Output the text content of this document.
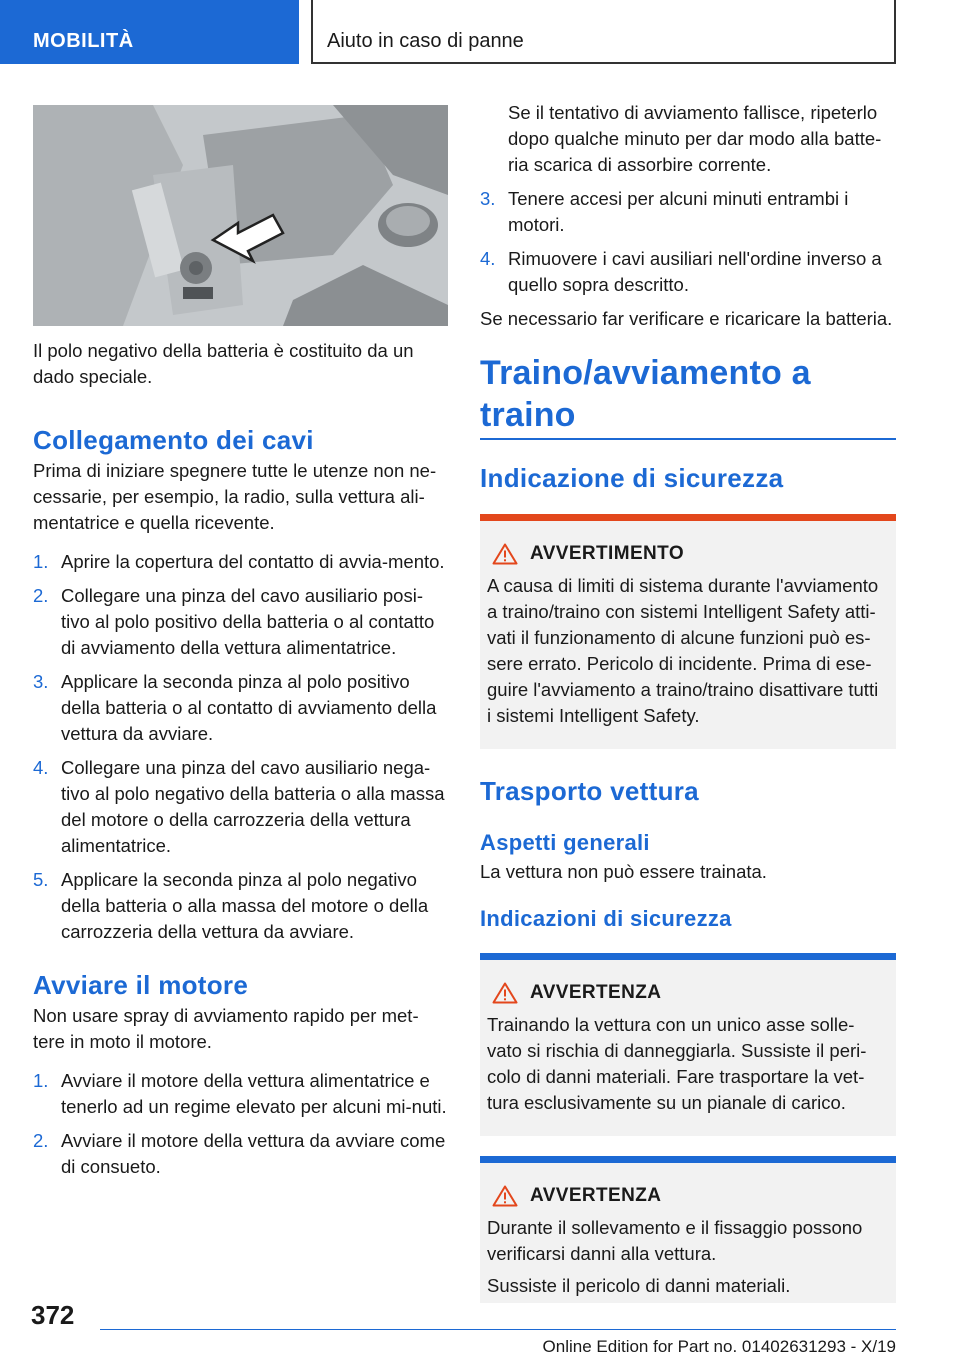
MOBILITÀ	Aiuto in caso di panne

Il polo negativo della batteria è costituito da un dado speciale.

Collegamento dei cavi

Prima di iniziare spegnere tutte le utenze non ne-cessarie, per esempio, la radio, sulla vettura ali-mentatrice e quella ricevente.

1. Aprire la copertura del contatto di avvia-mento.
2. Collegare una pinza del cavo ausiliario posi-tivo al polo positivo della batteria o al contatto di avviamento della vettura alimentatrice.
3. Applicare la seconda pinza al polo positivo della batteria o al contatto di avviamento della vettura da avviare.
4. Collegare una pinza del cavo ausiliario nega-tivo al polo negativo della batteria o alla massa del motore o della carrozzeria della vettura alimentatrice.
5. Applicare la seconda pinza al polo negativo della batteria o alla massa del motore o della carrozzeria della vettura da avviare.
Avviare il motore

Non usare spray di avviamento rapido per met-tere in moto il motore.

1. Avviare il motore della vettura alimentatrice e tenerlo ad un regime elevato per alcuni mi-nuti.
2. Avviare il motore della vettura da avviare come di consueto.

Se il tentativo di avviamento fallisce, ripeterlo dopo qualche minuto per dar modo alla batte-ria scarica di assorbire corrente.

3. Tenere accesi per alcuni minuti entrambi i motori.
4. Rimuovere i cavi ausiliari nell'ordine inverso a quello sopra descritto.

Se necessario far verificare e ricaricare la batteria.

Traino/avviamento a traino
Indicazione di sicurezza
AVVERTIMENTO

A causa di limiti di sistema durante l'avviamento a traino/traino con sistemi Intelligent Safety atti-vati il funzionamento di alcune funzioni può es-sere errato. Pericolo di incidente. Prima di ese-guire l'avviamento a traino/traino disattivare tutti i sistemi Intelligent Safety.

Trasporto vettura
Aspetti generali

La vettura non può essere trainata.

Indicazioni di sicurezza
AVVERTENZA

Trainando la vettura con un unico asse solle-vato si rischia di danneggiarla. Sussiste il peri-colo di danni materiali. Fare trasportare la vet-tura esclusivamente su un pianale di carico.

AVVERTENZA

Durante il sollevamento e il fissaggio possono verificarsi danni alla vettura.

Sussiste il pericolo di danni materiali.

372
Online Edition for Part no. 01402631293 - X/19
